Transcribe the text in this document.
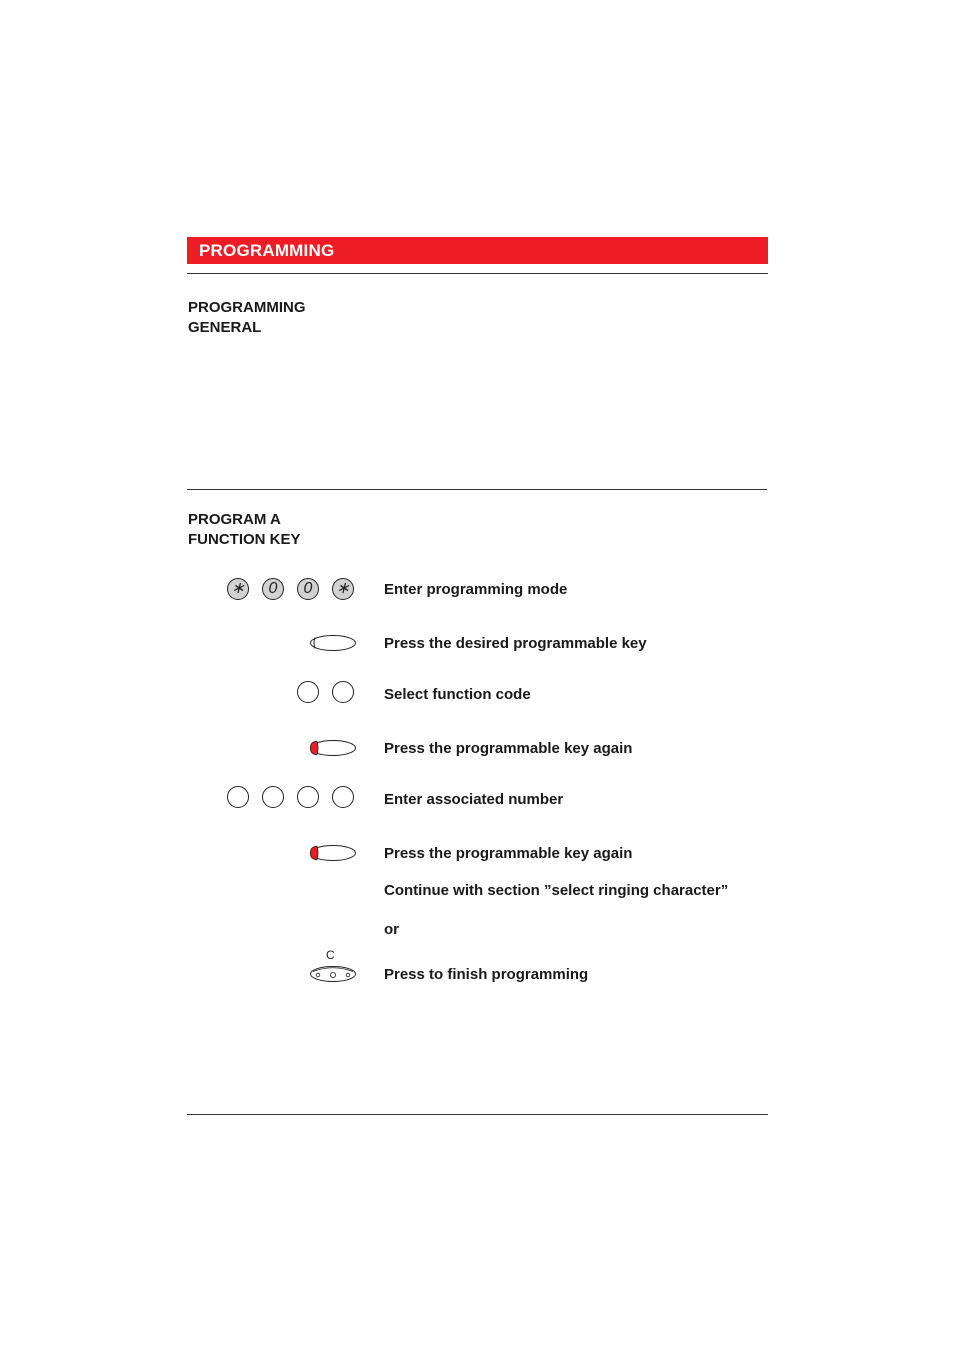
PROGRAMMING
PROGRAMMING
GENERAL
PROGRAM A
FUNCTION KEY
∗	0	0	∗ Enter programming mode
Press the desired programmable key
Select function code
Press the programmable key again
Enter associated number
Press the programmable key again
Continue with section ”select ringing character”
or
C
Press to finish programming
